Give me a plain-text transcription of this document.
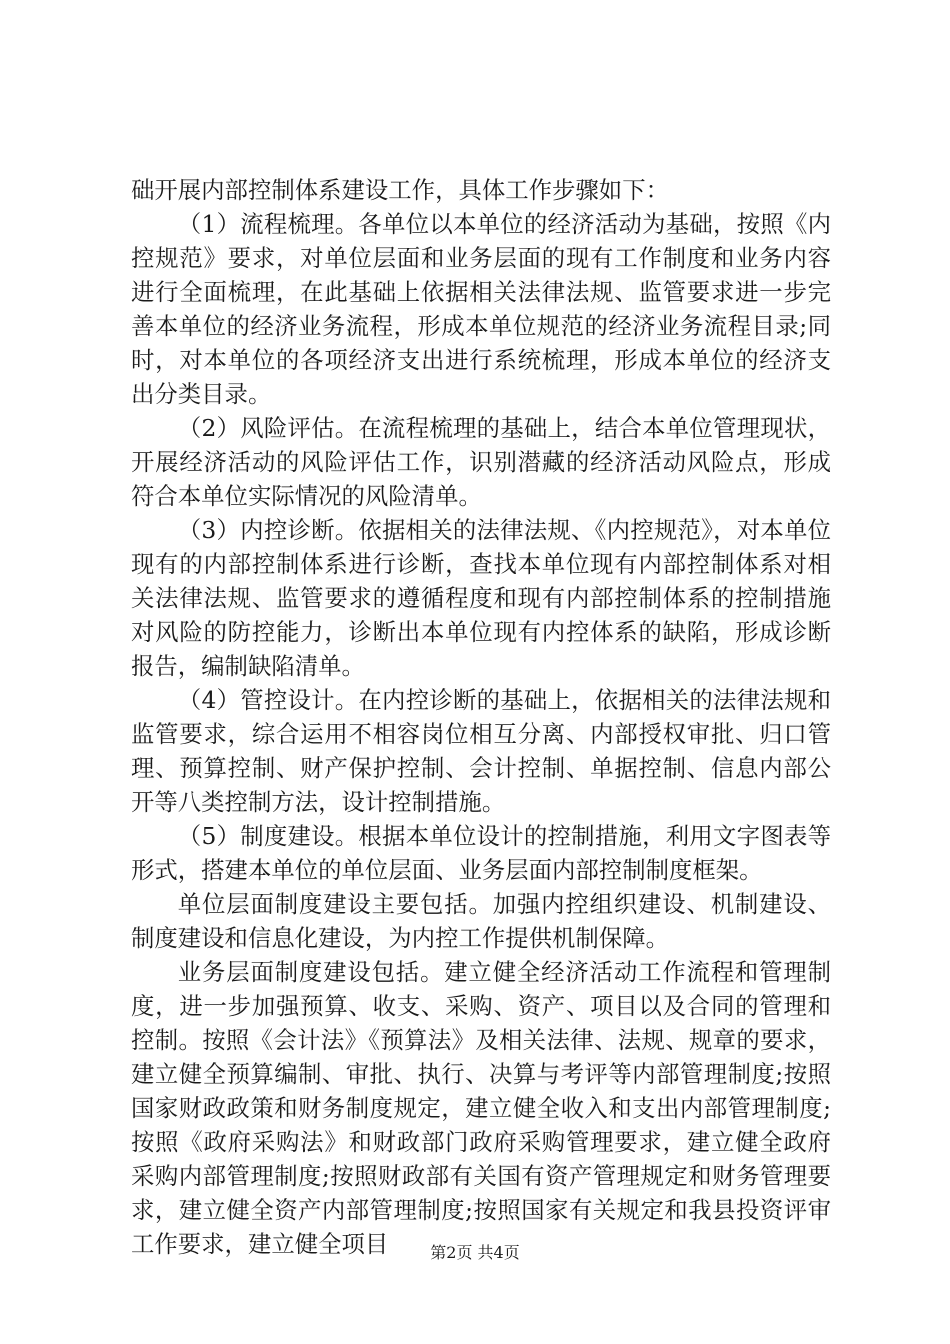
础开展内部控制体系建设工作，具体工作步骤如下：

（1）流程梳理。各单位以本单位的经济活动为基础，按照《内控规范》要求，对单位层面和业务层面的现有工作制度和业务内容进行全面梳理，在此基础上依据相关法律法规、监管要求进一步完善本单位的经济业务流程，形成本单位规范的经济业务流程目录;同时，对本单位的各项经济支出进行系统梳理，形成本单位的经济支出分类目录。

（2）风险评估。在流程梳理的基础上，结合本单位管理现状，开展经济活动的风险评估工作，识别潜藏的经济活动风险点，形成符合本单位实际情况的风险清单。

（3）内控诊断。依据相关的法律法规、《内控规范》，对本单位现有的内部控制体系进行诊断，查找本单位现有内部控制体系对相关法律法规、监管要求的遵循程度和现有内部控制体系的控制措施对风险的防控能力，诊断出本单位现有内控体系的缺陷，形成诊断报告，编制缺陷清单。

（4）管控设计。在内控诊断的基础上，依据相关的法律法规和监管要求，综合运用不相容岗位相互分离、内部授权审批、归口管理、预算控制、财产保护控制、会计控制、单据控制、信息内部公开等八类控制方法，设计控制措施。

（5）制度建设。根据本单位设计的控制措施，利用文字图表等形式，搭建本单位的单位层面、业务层面内部控制制度框架。

单位层面制度建设主要包括。加强内控组织建设、机制建设、制度建设和信息化建设，为内控工作提供机制保障。

业务层面制度建设包括。建立健全经济活动工作流程和管理制度，进一步加强预算、收支、采购、资产、项目以及合同的管理和控制。按照《会计法》《预算法》及相关法律、法规、规章的要求，建立健全预算编制、审批、执行、决算与考评等内部管理制度;按照国家财政政策和财务制度规定，建立健全收入和支出内部管理制度;按照《政府采购法》和财政部门政府采购管理要求，建立健全政府采购内部管理制度;按照财政部有关国有资产管理规定和财务管理要求，建立健全资产内部管理制度;按照国家有关规定和我县投资评审工作要求，建立健全项目	第2页 共4页
